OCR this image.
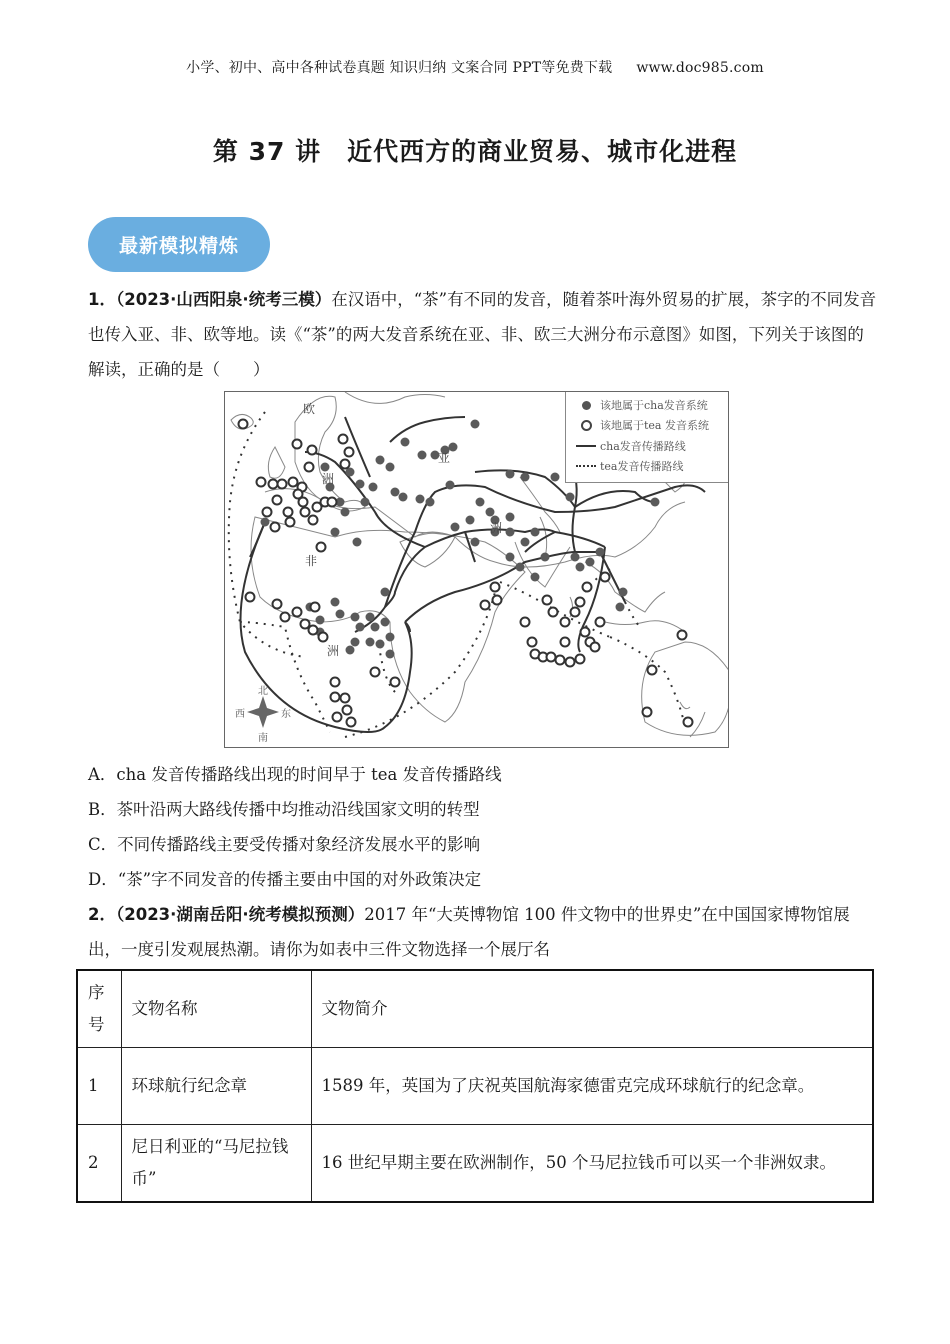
小学、初中、高中各种试卷真题 知识归纳 文案合同 PPT等免费下载 www.doc985.com
第 37 讲　近代西方的商业贸易、城市化进程
最新模拟精炼
1．（2023·山西阳泉·统考三模）在汉语中，“茶”有不同的发音，随着茶叶海外贸易的扩展，茶字的不同发音也传入亚、非、欧等地。读《“茶”的两大发音系统在亚、非、欧三大洲分布示意图》如图，下列关于该图的解读，正确的是（　　）
欧
洲
亚
洲
非
洲
北
南
东
西
该地属于cha发音系统
该地属于tea 发音系统
cha发音传播路线
tea发音传播路线
A．cha 发音传播路线出现的时间早于 tea 发音传播路线
B．茶叶沿两大路线传播中均推动沿线国家文明的转型
C．不同传播路线主要受传播对象经济发展水平的影响
D．“茶”字不同发音的传播主要由中国的对外政策决定
2．（2023·湖南岳阳·统考模拟预测）2017 年“大英博物馆 100 件文物中的世界史”在中国国家博物馆展出，一度引发观展热潮。请你为如表中三件文物选择一个展厅名
序号	文物名称	文物简介
1	环球航行纪念章	1589 年，英国为了庆祝英国航海家德雷克完成环球航行的纪念章。
2	尼日利亚的“马尼拉钱币”	16 世纪早期主要在欧洲制作，50 个马尼拉钱币可以买一个非洲奴隶。
